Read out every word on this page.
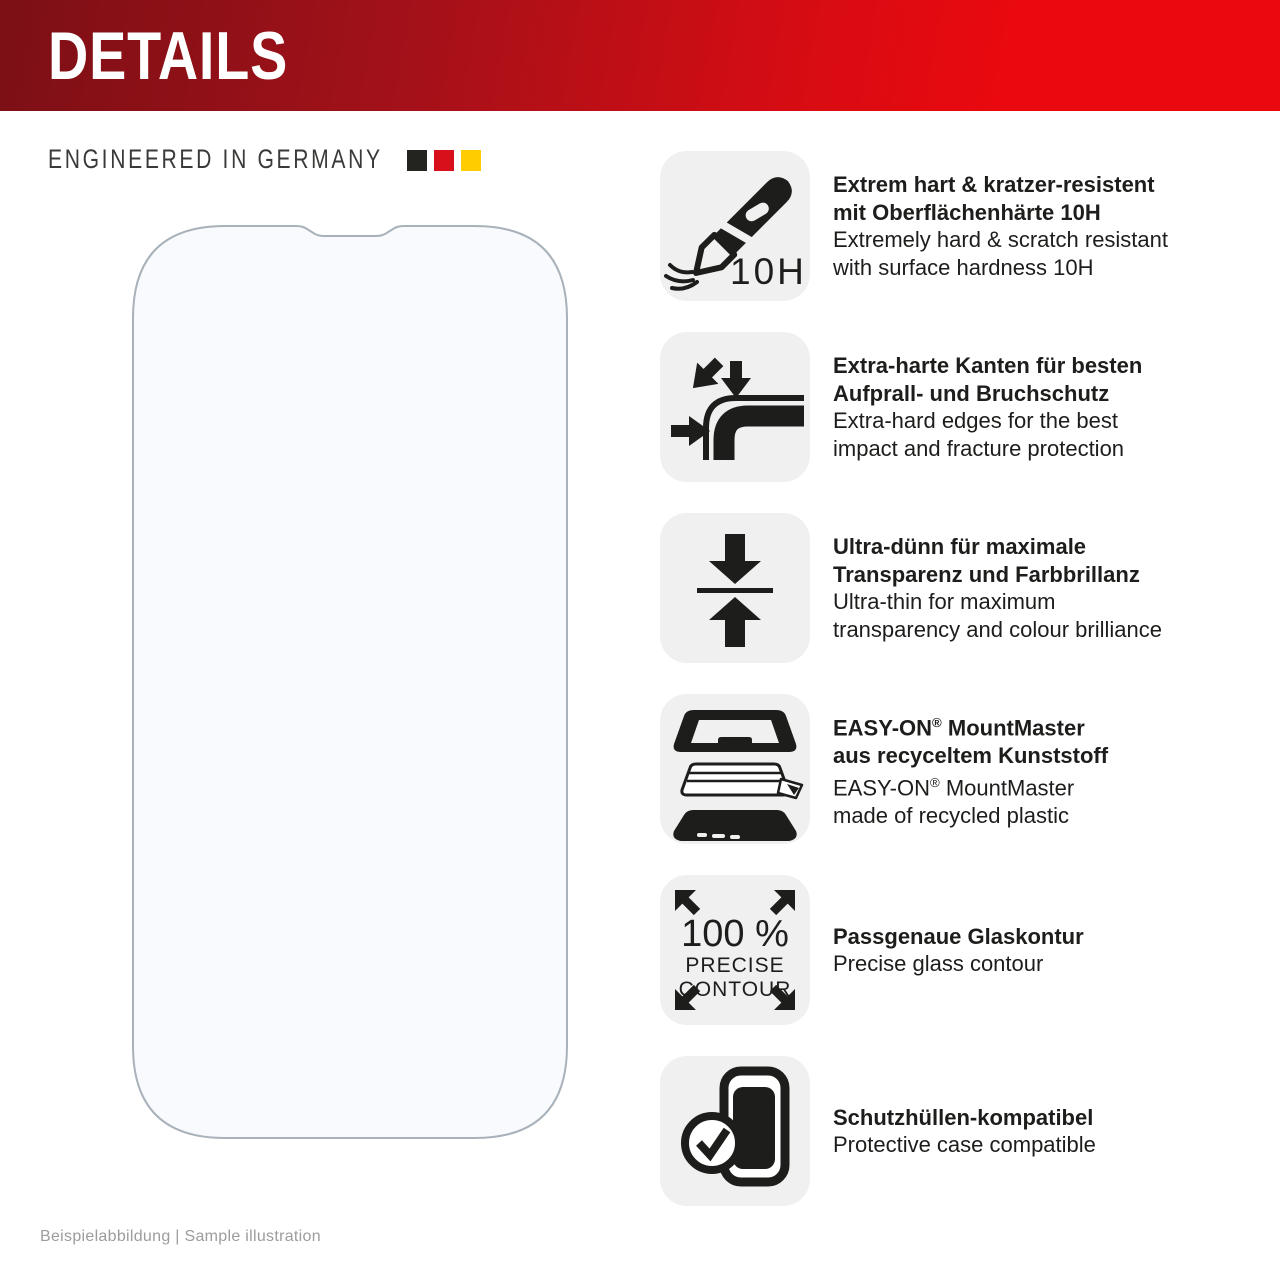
DETAILS
ENGINEERED IN GERMANY
10H
Extrem hart & kratzer-resistent
mit Oberflächenhärte 10H
Extremely hard & scratch resistant
with surface hardness 10H
Extra-harte Kanten für besten
Aufprall- und Bruchschutz
Extra-hard edges for the best
impact and fracture protection
Ultra-dünn für maximale
Transparenz und Farbbrillanz
Ultra-thin for maximum
transparency and colour brilliance
EASY-ON® MountMaster
aus recyceltem Kunststoff
EASY-ON® MountMaster
made of recycled plastic
100 %
PRECISE
CONTOUR
Passgenaue Glaskontur
Precise glass contour
Schutzhüllen-kompatibel
Protective case compatible
Beispielabbildung | Sample illustration
